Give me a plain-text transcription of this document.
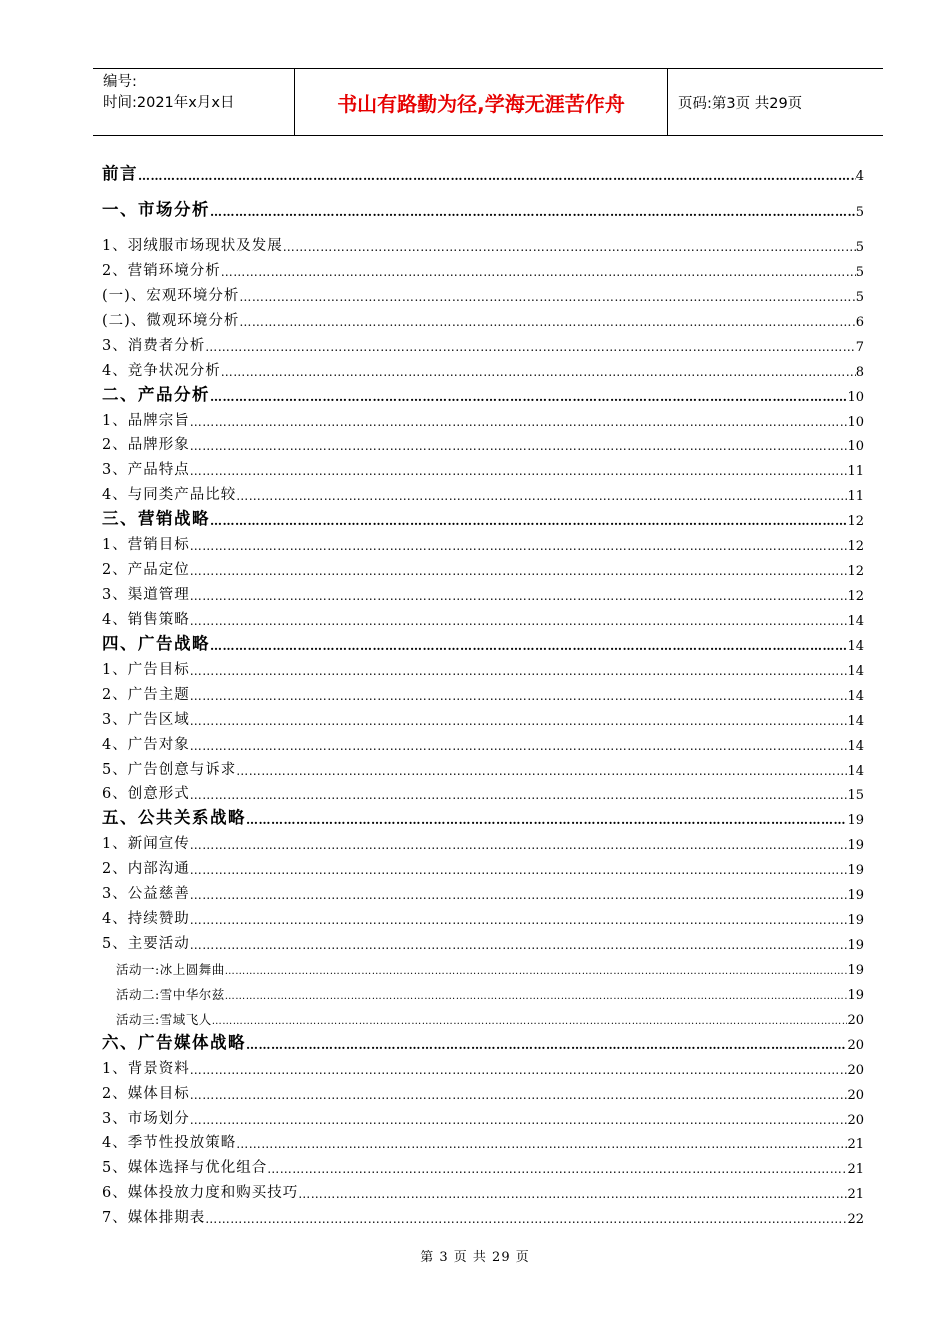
编号:
时间:2021年x月x日	书山有路勤为径,学海无涯苦作舟	页码:第3页 共29页
前言 ……………………………………………………………………………………………………………………………………………………………………………………………………………………………………………………………	4
一、市场分析 ……………………………………………………………………………………………………………………………………………………………………………………………………………………………………………………………	5
1、羽绒服市场现状及发展 ……………………………………………………………………………………………………………………………………………………………………………………………………………………………………………………………	5
2、营销环境分析 ……………………………………………………………………………………………………………………………………………………………………………………………………………………………………………………………	5
(一)、宏观环境分析 ……………………………………………………………………………………………………………………………………………………………………………………………………………………………………………………………	5
(二)、微观环境分析 ……………………………………………………………………………………………………………………………………………………………………………………………………………………………………………………………	6
3、消费者分析 ……………………………………………………………………………………………………………………………………………………………………………………………………………………………………………………………	7
4、竞争状况分析 ……………………………………………………………………………………………………………………………………………………………………………………………………………………………………………………………	8
二、产品分析 ……………………………………………………………………………………………………………………………………………………………………………………………………………………………………………………………	10
1、品牌宗旨 ……………………………………………………………………………………………………………………………………………………………………………………………………………………………………………………………	10
2、品牌形象 ……………………………………………………………………………………………………………………………………………………………………………………………………………………………………………………………	10
3、产品特点 ……………………………………………………………………………………………………………………………………………………………………………………………………………………………………………………………	11
4、与同类产品比较 ……………………………………………………………………………………………………………………………………………………………………………………………………………………………………………………………	11
三、营销战略 ……………………………………………………………………………………………………………………………………………………………………………………………………………………………………………………………	12
1、营销目标 ……………………………………………………………………………………………………………………………………………………………………………………………………………………………………………………………	12
2、产品定位 ……………………………………………………………………………………………………………………………………………………………………………………………………………………………………………………………	12
3、渠道管理 ……………………………………………………………………………………………………………………………………………………………………………………………………………………………………………………………	12
4、销售策略 ……………………………………………………………………………………………………………………………………………………………………………………………………………………………………………………………	14
四、广告战略 ……………………………………………………………………………………………………………………………………………………………………………………………………………………………………………………………	14
1、广告目标 ……………………………………………………………………………………………………………………………………………………………………………………………………………………………………………………………	14
2、广告主题 ……………………………………………………………………………………………………………………………………………………………………………………………………………………………………………………………	14
3、广告区域 ……………………………………………………………………………………………………………………………………………………………………………………………………………………………………………………………	14
4、广告对象 ……………………………………………………………………………………………………………………………………………………………………………………………………………………………………………………………	14
5、广告创意与诉求 ……………………………………………………………………………………………………………………………………………………………………………………………………………………………………………………………	14
6、创意形式 ……………………………………………………………………………………………………………………………………………………………………………………………………………………………………………………………	15
五、公共关系战略 ……………………………………………………………………………………………………………………………………………………………………………………………………………………………………………………………	19
1、新闻宣传 ……………………………………………………………………………………………………………………………………………………………………………………………………………………………………………………………	19
2、内部沟通 ……………………………………………………………………………………………………………………………………………………………………………………………………………………………………………………………	19
3、公益慈善 ……………………………………………………………………………………………………………………………………………………………………………………………………………………………………………………………	19
4、持续赞助 ……………………………………………………………………………………………………………………………………………………………………………………………………………………………………………………………	19
5、主要活动 ……………………………………………………………………………………………………………………………………………………………………………………………………………………………………………………………	19
活动一:冰上圆舞曲 ……………………………………………………………………………………………………………………………………………………………………………………………………………………………………………………………	19
活动二:雪中华尔兹 ……………………………………………………………………………………………………………………………………………………………………………………………………………………………………………………………	19
活动三:雪域飞人 ……………………………………………………………………………………………………………………………………………………………………………………………………………………………………………………………	20
六、广告媒体战略 ……………………………………………………………………………………………………………………………………………………………………………………………………………………………………………………………	20
1、背景资料 ……………………………………………………………………………………………………………………………………………………………………………………………………………………………………………………………	20
2、媒体目标 ……………………………………………………………………………………………………………………………………………………………………………………………………………………………………………………………	20
3、市场划分 ……………………………………………………………………………………………………………………………………………………………………………………………………………………………………………………………	20
4、季节性投放策略 ……………………………………………………………………………………………………………………………………………………………………………………………………………………………………………………………	21
5、媒体选择与优化组合 ……………………………………………………………………………………………………………………………………………………………………………………………………………………………………………………………	21
6、媒体投放力度和购买技巧 ……………………………………………………………………………………………………………………………………………………………………………………………………………………………………………………………	21
7、媒体排期表 ……………………………………………………………………………………………………………………………………………………………………………………………………………………………………………………………	22
第 3 页 共 29 页
